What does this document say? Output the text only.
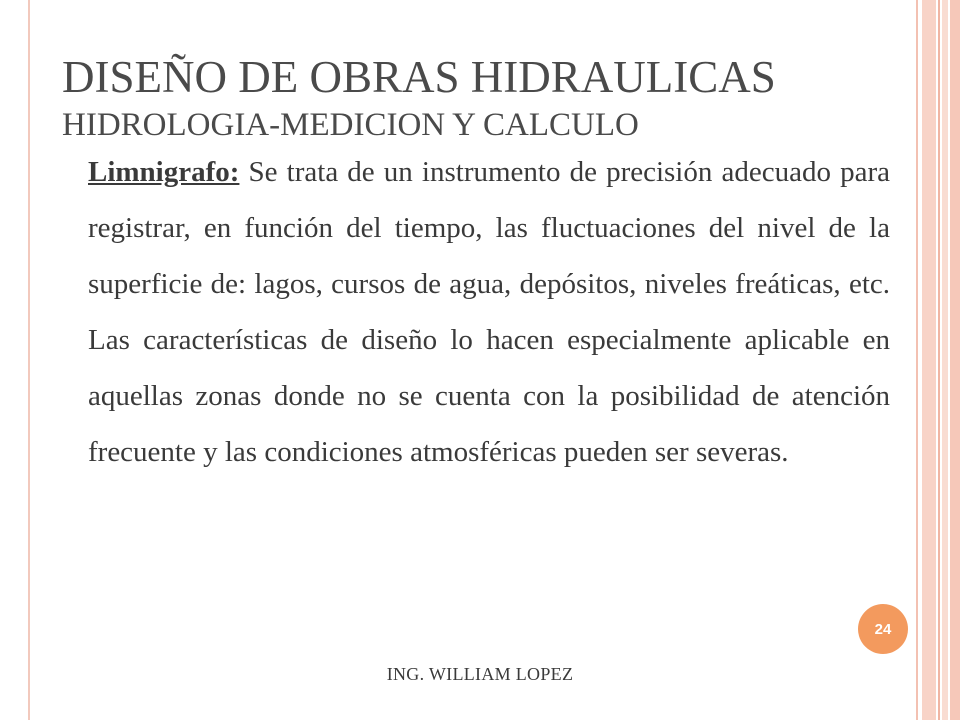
DISEÑO DE OBRAS HIDRAULICAS
HIDROLOGIA-MEDICION Y CALCULO

Limnigrafo: Se trata de un instrumento de precisión adecuado para registrar, en función del tiempo, las fluctuaciones del nivel de la superficie de: lagos, cursos de agua, depósitos, niveles freáticas, etc. Las características de diseño lo hacen especialmente aplicable en aquellas zonas donde no se cuenta con la posibilidad de atención frecuente y las condiciones atmosféricas pueden ser severas.

24
ING. WILLIAM LOPEZ
